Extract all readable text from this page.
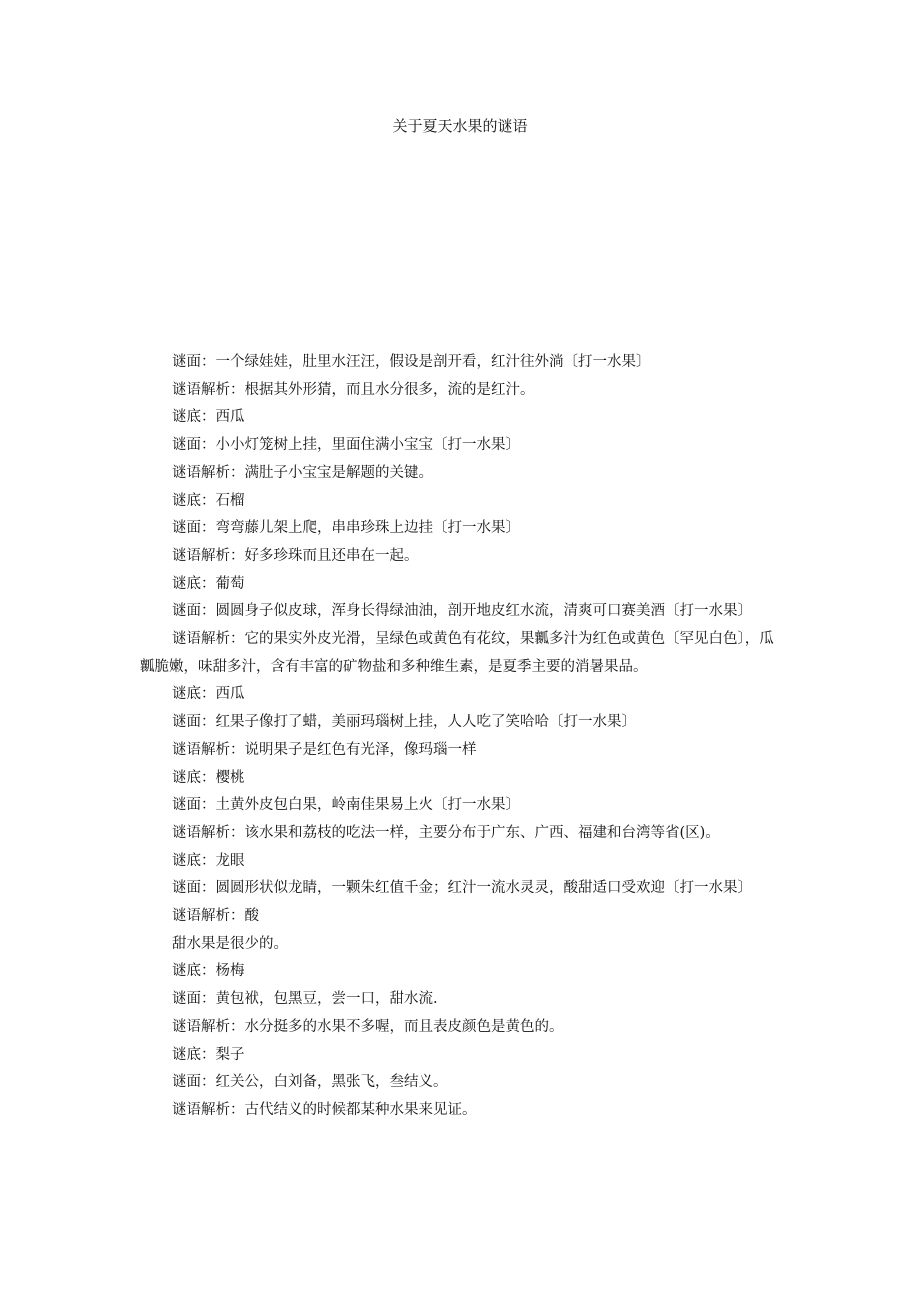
关于夏天水果的谜语

谜面：一个绿娃娃，肚里水汪汪，假设是剖开看，红汁往外淌〔打一水果〕

谜语解析：根据其外形猜，而且水分很多，流的是红汁。

谜底：西瓜

谜面：小小灯笼树上挂，里面住满小宝宝〔打一水果〕

谜语解析：满肚子小宝宝是解题的关键。

谜底：石榴

谜面：弯弯藤儿架上爬，串串珍珠上边挂〔打一水果〕

谜语解析：好多珍珠而且还串在一起。

谜底：葡萄

谜面：圆圆身子似皮球，浑身长得绿油油，剖开地皮红水流，清爽可口赛美酒〔打一水果〕

谜语解析：它的果实外皮光滑，呈绿色或黄色有花纹，果瓤多汁为红色或黄色〔罕见白色〕，瓜瓤脆嫩，味甜多汁，含有丰富的矿物盐和多种维生素，是夏季主要的消暑果品。

谜底：西瓜

谜面：红果子像打了蜡，美丽玛瑙树上挂，人人吃了笑哈哈〔打一水果〕

谜语解析：说明果子是红色有光泽，像玛瑙一样

谜底：樱桃

谜面：土黄外皮包白果，岭南佳果易上火〔打一水果〕

谜语解析：该水果和荔枝的吃法一样，主要分布于广东、广西、福建和台湾等省(区)。

谜底：龙眼

谜面：圆圆形状似龙睛，一颗朱红值千金；红汁一流水灵灵，酸甜适口受欢迎〔打一水果〕

谜语解析：酸

甜水果是很少的。

谜底：杨梅

谜面：黄包袱，包黑豆，尝一口，甜水流.

谜语解析：水分挺多的水果不多喔，而且表皮颜色是黄色的。

谜底：梨子

谜面：红关公，白刘备，黑张飞，叁结义。

谜语解析：古代结义的时候都某种水果来见证。
